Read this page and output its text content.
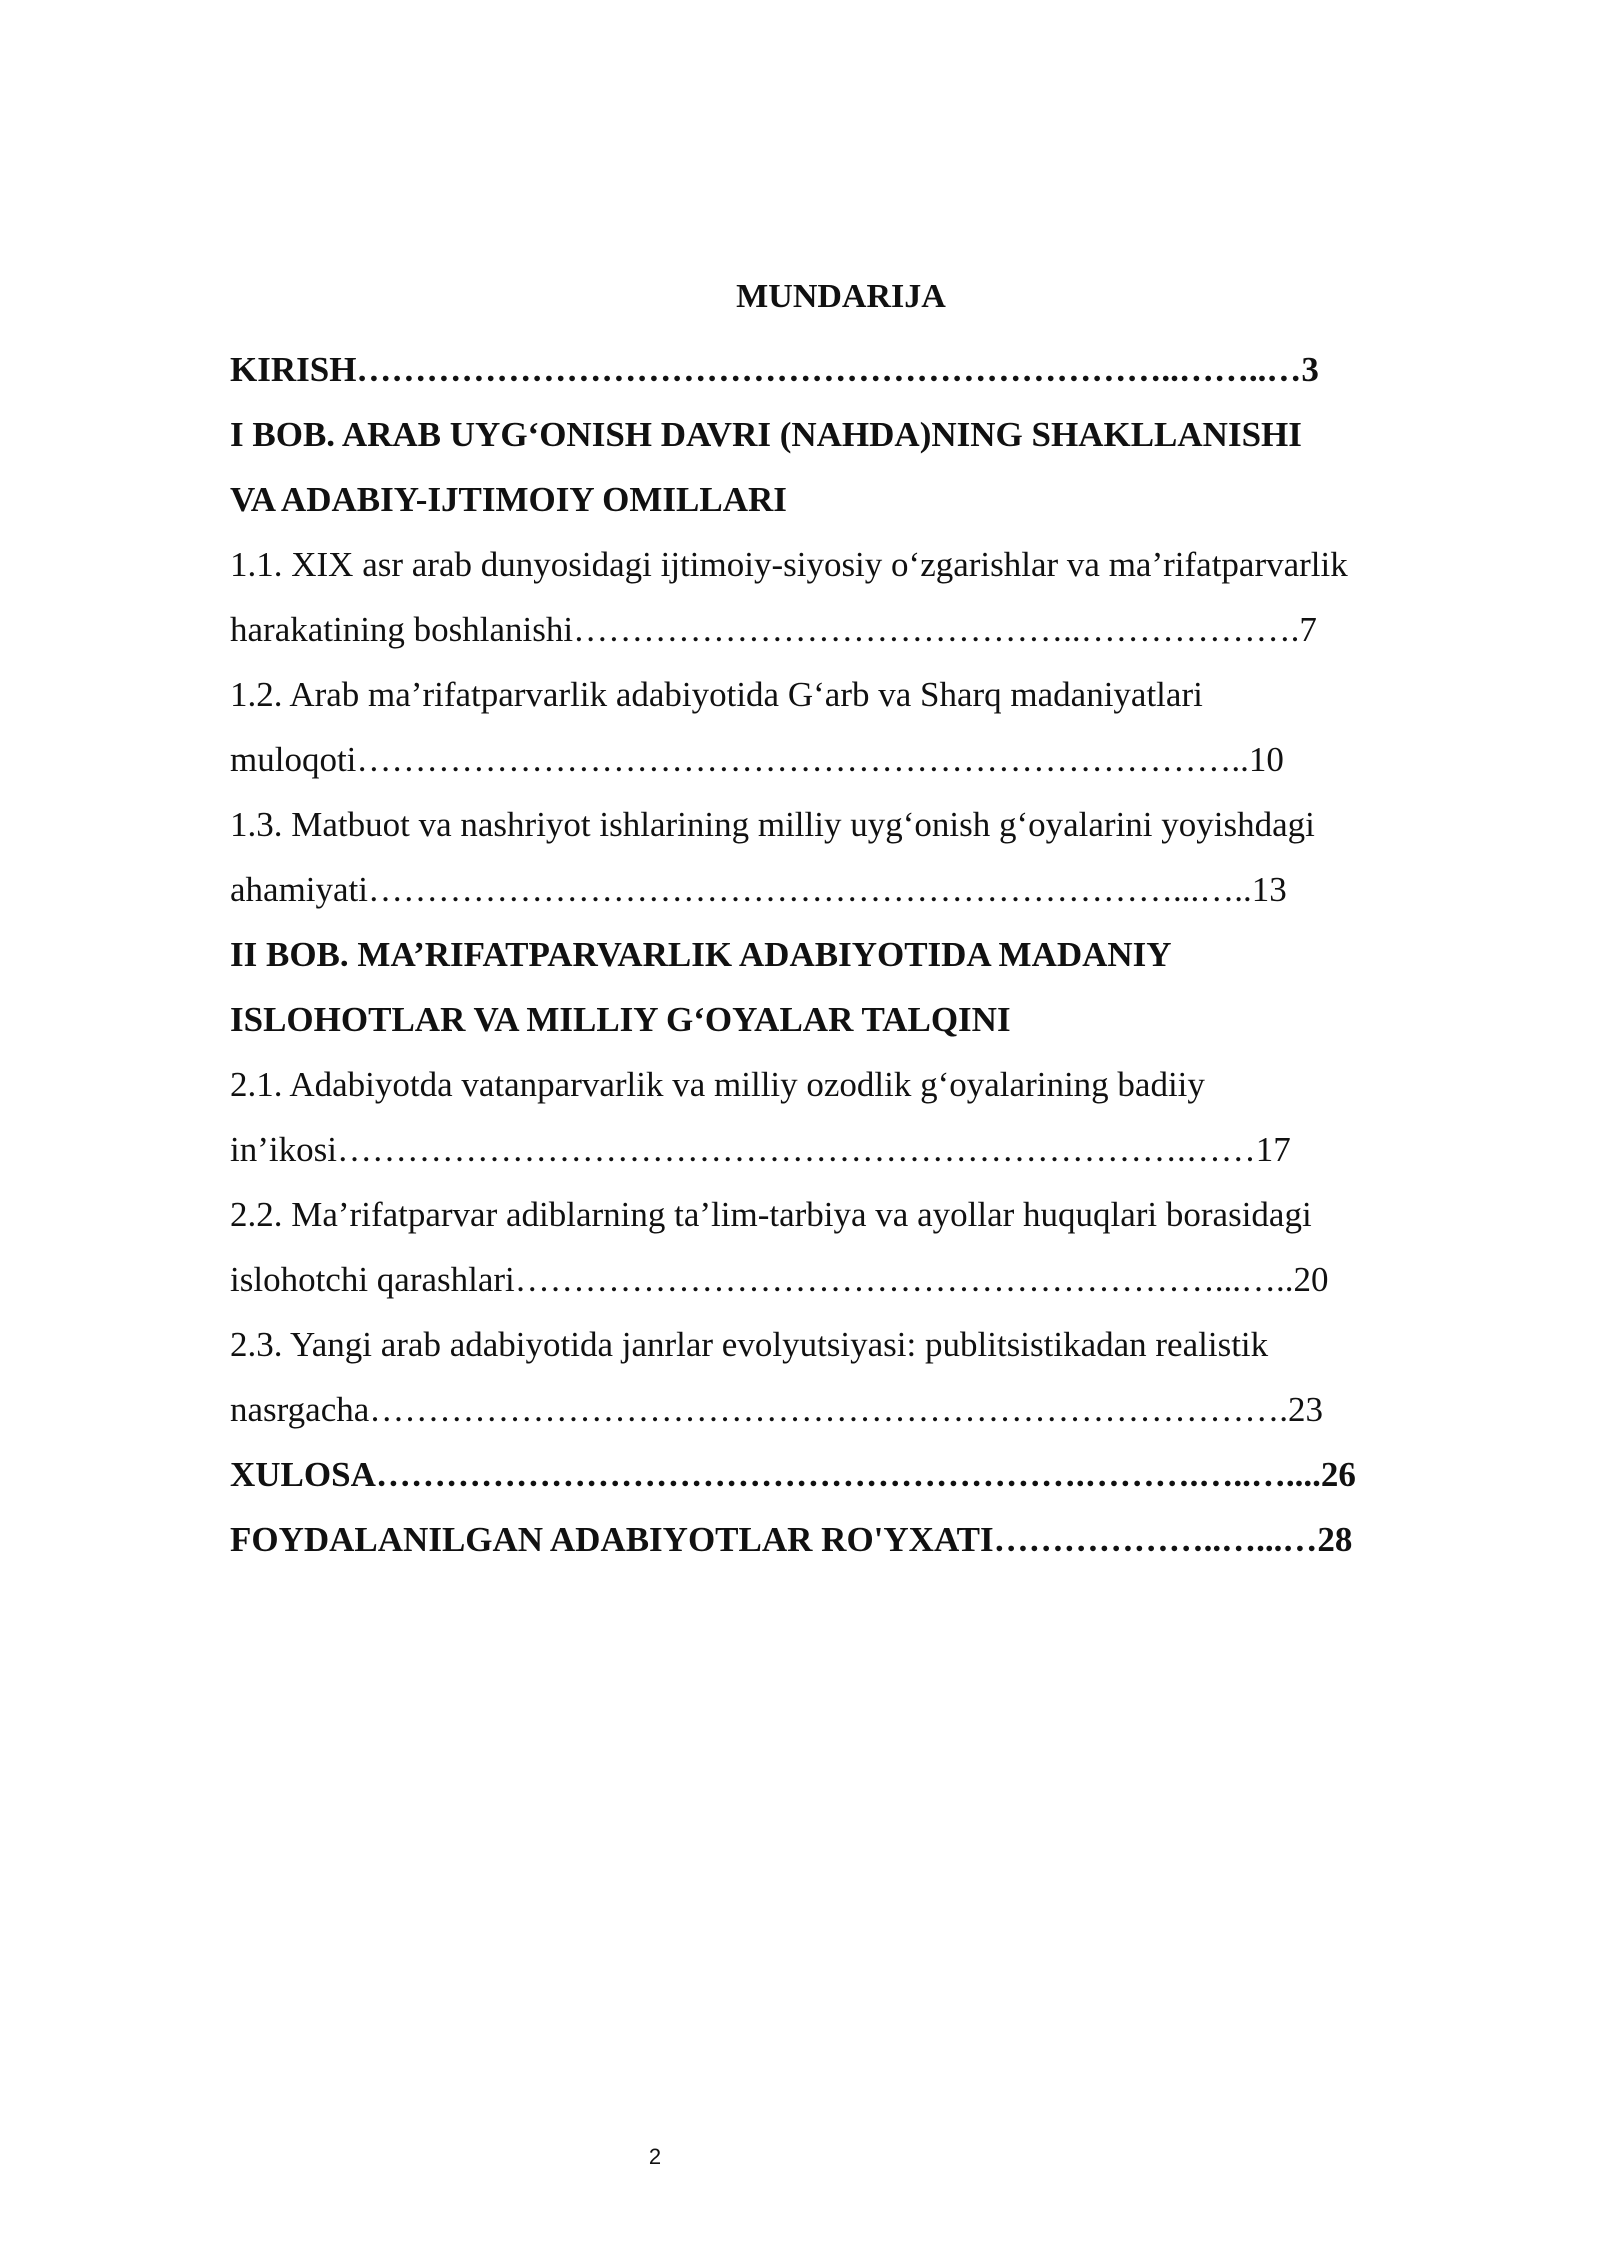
MUNDARIJA
KIRISH……………………………………………………………..……..…3
I BOB. ARAB UYG‘ONISH DAVRI (NAHDA)NING SHAKLLANISHI
VA ADABIY-IJTIMOIY OMILLARI
1.1. XIX asr arab dunyosidagi ijtimoiy-siyosiy o‘zgarishlar va ma’rifatparvarlik
harakatining boshlanishi……………………………………..……………….7
1.2. Arab ma’rifatparvarlik adabiyotida G‘arb va Sharq madaniyatlari
muloqoti…………………………………………………………………..10
1.3. Matbuot va nashriyot ishlarining milliy uyg‘onish g‘oyalarini yoyishdagi
ahamiyati……………………………………………………………...…..13
II BOB. MA’RIFATPARVARLIK ADABIYOTIDA MADANIY
ISLOHOTLAR VA MILLIY G‘OYALAR TALQINI
2.1. Adabiyotda vatanparvarlik va milliy ozodlik g‘oyalarining badiiy
in’ikosi……………………………………………………………….……17
2.2. Ma’rifatparvar adiblarning ta’lim-tarbiya va ayollar huquqlari borasidagi
islohotchi qarashlari……………………………………………………...…..20
2.3. Yangi arab adabiyotida janrlar evolyutsiyasi: publitsistikadan realistik
nasrgacha…………………………………………………………………….23
XULOSA…………………………………………………….……….…..…....26
FOYDALANILGAN ADABIYOTLAR RO'YXATI………………..…...…28
2
